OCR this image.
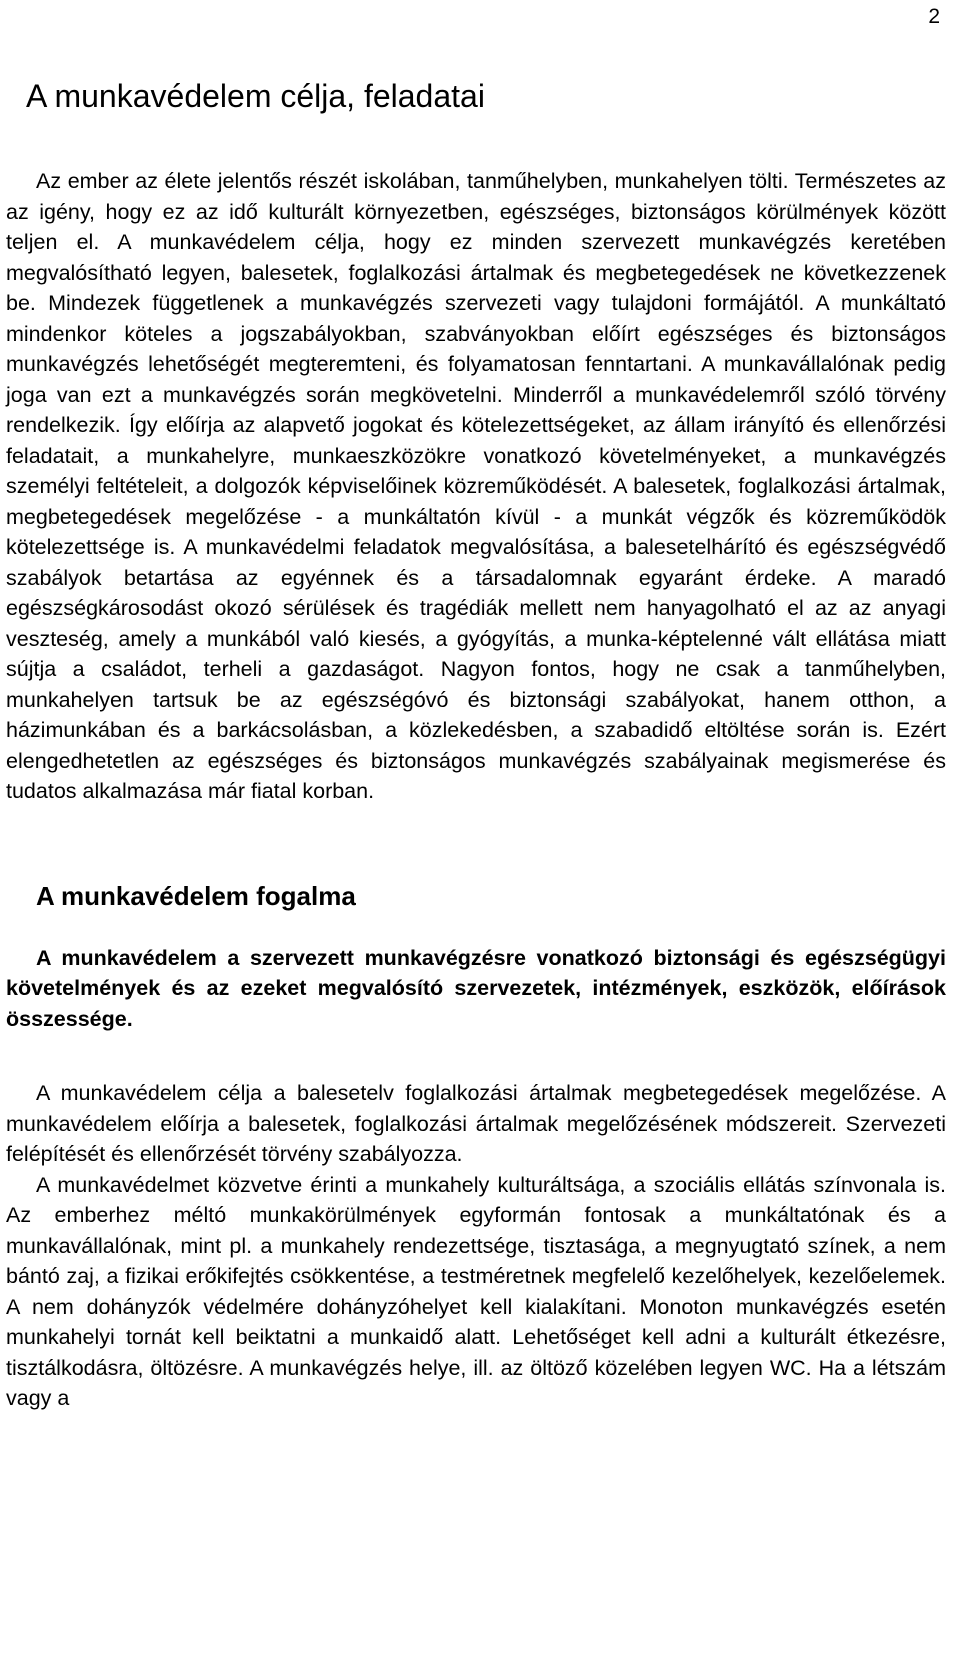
2
A munkavédelem célja, feladatai

Az ember az élete jelentős részét iskolában, tanműhelyben, munkahelyen tölti. Természetes az az igény, hogy ez az idő kulturált környezetben, egészséges, biztonságos körülmények között teljen el. A munkavédelem célja, hogy ez minden szervezett munkavégzés keretében megvalósítható legyen, balesetek, foglalkozási ártalmak és megbetegedések ne következzenek be. Mindezek függetlenek a munkavégzés szervezeti vagy tulajdoni formájától. A munkáltató mindenkor köteles a jogszabályokban, szabványokban előírt egészséges és biztonságos munkavégzés lehetőségét megteremteni, és folyamatosan fenntartani. A munkavállalónak pedig joga van ezt a munkavégzés során megkövetelni. Minderről a munkavédelemről szóló törvény rendelkezik. Így előírja az alapvető jogokat és kötelezettségeket, az állam irányító és ellenőrzési feladatait, a munkahelyre, munkaeszközökre vonatkozó követelményeket, a munkavégzés személyi feltételeit, a dolgozók képviselőinek közreműködését. A balesetek, foglalkozási ártalmak, megbetegedések megelőzése - a munkáltatón kívül - a munkát végzők és közreműködök kötelezettsége is. A munkavédelmi feladatok megvalósítása, a balesetelhárító és egészségvédő szabályok betartása az egyénnek és a társadalomnak egyaránt érdeke. A maradó egészségkárosodást okozó sérülések és tragédiák mellett nem hanyagolható el az az anyagi veszteség, amely a munkából való kiesés, a gyógyítás, a munka-képtelenné vált ellátása miatt sújtja a családot, terheli a gazdaságot. Nagyon fontos, hogy ne csak a tanműhelyben, munkahelyen tartsuk be az egészségóvó és biztonsági szabályokat, hanem otthon, a házimunkában és a barkácsolásban, a közlekedésben, a szabadidő eltöltése során is. Ezért elengedhetetlen az egészséges és biztonságos munkavégzés szabályainak megismerése és tudatos alkalmazása már fiatal korban.

A munkavédelem fogalma

A munkavédelem a szervezett munkavégzésre vonatkozó biztonsági és egészségügyi követelmények és az ezeket megvalósító szervezetek, intézmények, eszközök, előírások összessége.

A munkavédelem célja a balesetelv foglalkozási ártalmak megbetegedések megelőzése. A munkavédelem előírja a balesetek, foglalkozási ártalmak megelőzésének módszereit. Szervezeti felépítését és ellenőrzését törvény szabályozza.

A munkavédelmet közvetve érinti a munkahely kulturáltsága, a szociális ellátás színvonala is. Az emberhez méltó munkakörülmények egyformán fontosak a munkáltatónak és a munkavállalónak, mint pl. a munkahely rendezettsége, tisztasága, a megnyugtató színek, a nem bántó zaj, a fizikai erőkifejtés csökkentése, a testméretnek megfelelő kezelőhelyek, kezelőelemek. A nem dohányzók védelmére dohányzóhelyet kell kialakítani. Monoton munkavégzés esetén munkahelyi tornát kell beiktatni a munkaidő alatt. Lehetőséget kell adni a kulturált étkezésre, tisztálkodásra, öltözésre. A munkavégzés helye, ill. az öltöző közelében legyen WC. Ha a létszám vagy a
